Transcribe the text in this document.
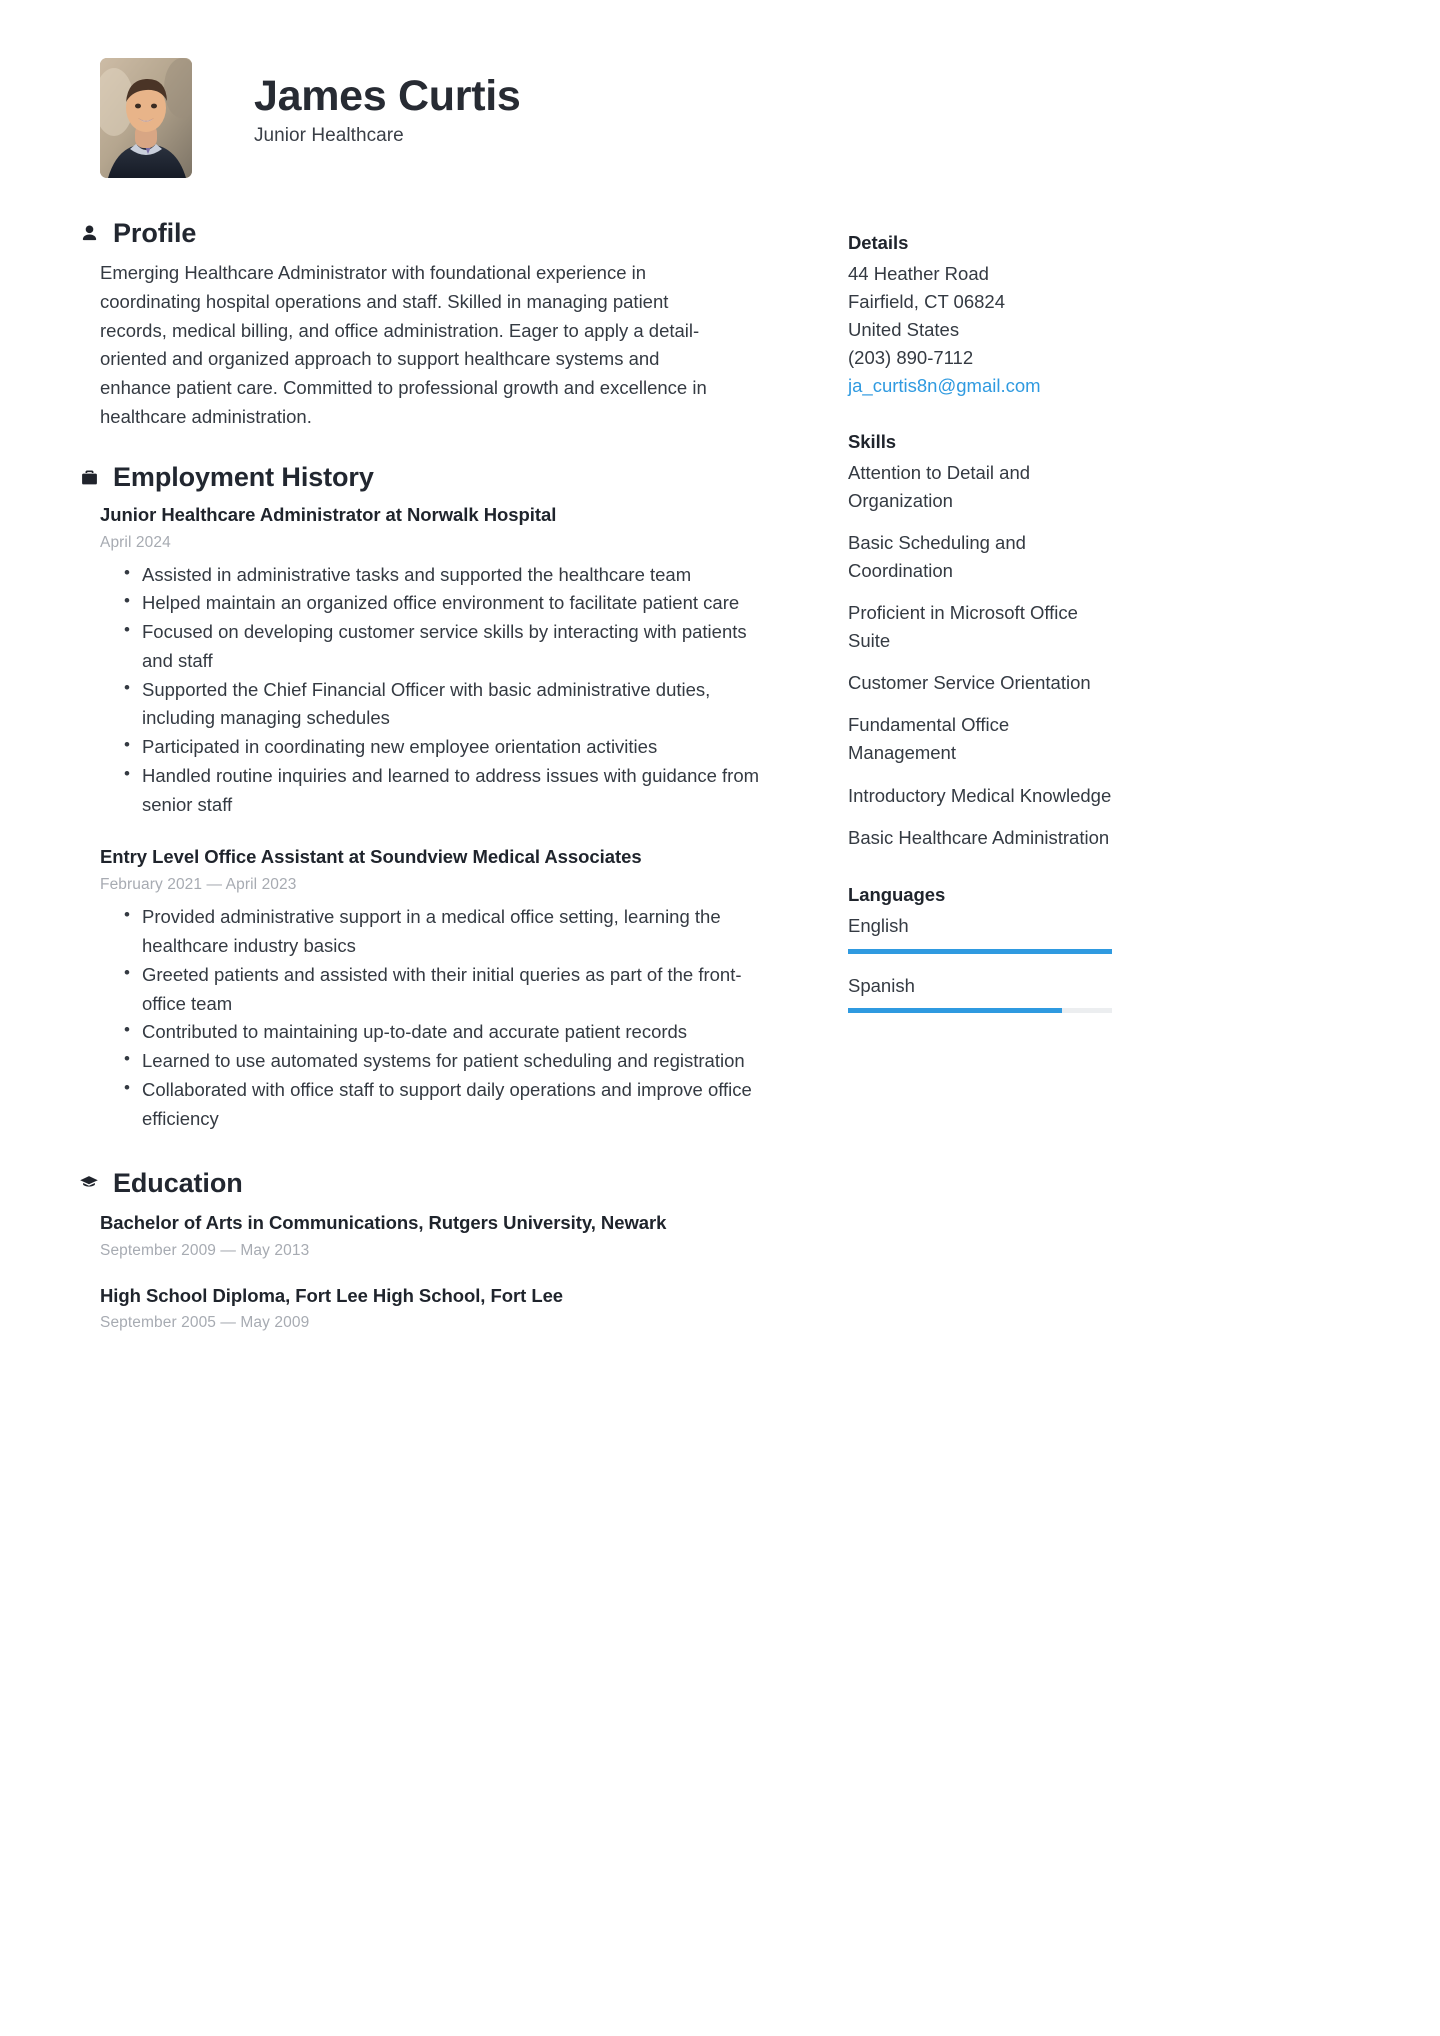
James Curtis
Junior Healthcare
Profile
Emerging Healthcare Administrator with foundational experience in coordinating hospital operations and staff. Skilled in managing patient records, medical billing, and office administration. Eager to apply a detail-oriented and organized approach to support healthcare systems and enhance patient care. Committed to professional growth and excellence in healthcare administration.
Employment History
Junior Healthcare Administrator at Norwalk Hospital
April 2024
• Assisted in administrative tasks and supported the healthcare team
• Helped maintain an organized office environment to facilitate patient care
• Focused on developing customer service skills by interacting with patients and staff
• Supported the Chief Financial Officer with basic administrative duties, including managing schedules
• Participated in coordinating new employee orientation activities
• Handled routine inquiries and learned to address issues with guidance from senior staff
Entry Level Office Assistant at Soundview Medical Associates
February 2021 — April 2023
• Provided administrative support in a medical office setting, learning the healthcare industry basics
• Greeted patients and assisted with their initial queries as part of the front-office team
• Contributed to maintaining up-to-date and accurate patient records
• Learned to use automated systems for patient scheduling and registration
• Collaborated with office staff to support daily operations and improve office efficiency
Education
Bachelor of Arts in Communications, Rutgers University, Newark
September 2009 — May 2013
High School Diploma, Fort Lee High School, Fort Lee
September 2005 — May 2009
Details
44 Heather Road
Fairfield, CT 06824
United States
(203) 890-7112
ja_curtis8n@gmail.com
Skills
Attention to Detail and Organization
Basic Scheduling and Coordination
Proficient in Microsoft Office Suite
Customer Service Orientation
Fundamental Office Management
Introductory Medical Knowledge
Basic Healthcare Administration
Languages
English
Spanish
